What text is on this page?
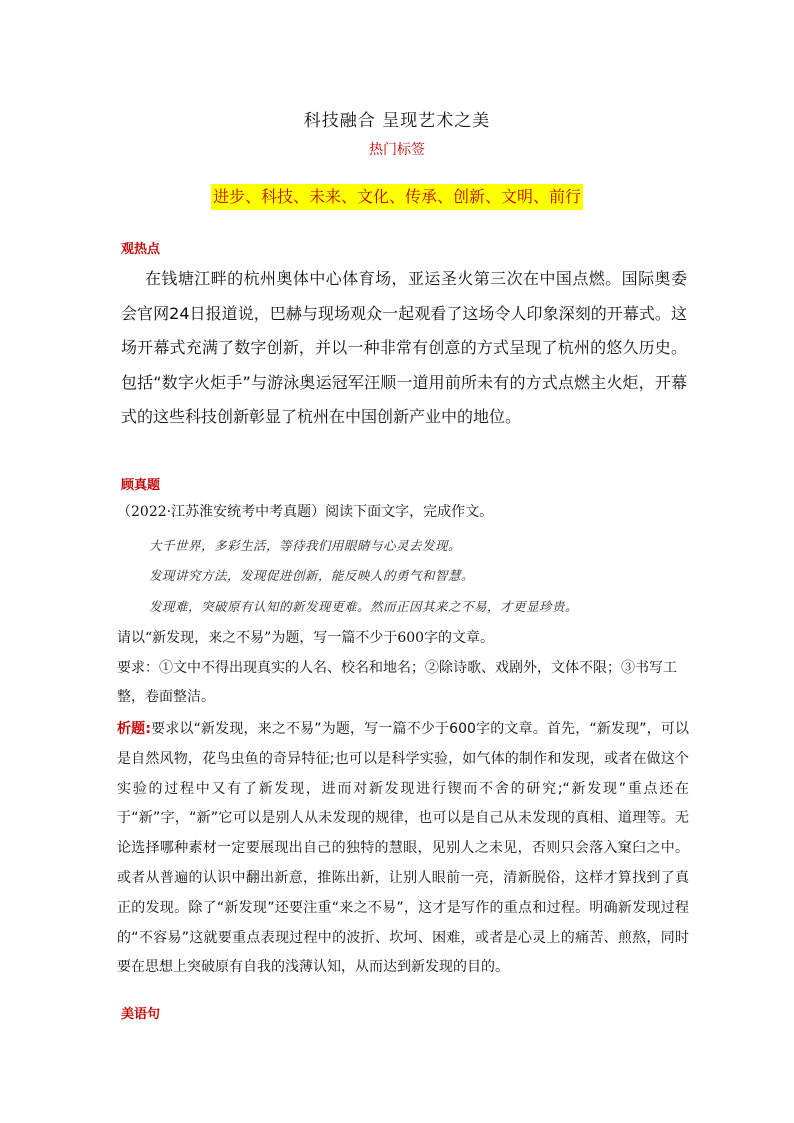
科技融合 呈现艺术之美
热门标签
进步、科技、未来、文化、传承、创新、文明、前行
观热点
在钱塘江畔的杭州奥体中心体育场，亚运圣火第三次在中国点燃。国际奥委会官网24日报道说，巴赫与现场观众一起观看了这场令人印象深刻的开幕式。这场开幕式充满了数字创新，并以一种非常有创意的方式呈现了杭州的悠久历史。包括“数字火炬手”与游泳奥运冠军汪顺一道用前所未有的方式点燃主火炬，开幕式的这些科技创新彰显了杭州在中国创新产业中的地位。
顾真题
（2022·江苏淮安统考中考真题）阅读下面文字，完成作文。
大千世界，多彩生活，等待我们用眼睛与心灵去发现。
发现讲究方法，发现促进创新，能反映人的勇气和智慧。
发现难，突破原有认知的新发现更难。然而正因其来之不易，才更显珍贵。
请以“新发现，来之不易”为题，写一篇不少于600字的文章。
要求：①文中不得出现真实的人名、校名和地名；②除诗歌、戏剧外，文体不限；③书写工整，卷面整洁。
析题:要求以“新发现，来之不易”为题，写一篇不少于600字的文章。首先，“新发现”，可以是自然风物，花鸟虫鱼的奇异特征;也可以是科学实验，如气体的制作和发现，或者在做这个实验的过程中又有了新发现，进而对新发现进行锲而不舍的研究;“新发现”重点还在于“新”字，“新”它可以是别人从未发现的规律，也可以是自己从未发现的真相、道理等。无论选择哪种素材一定要展现出自己的独特的慧眼，见别人之未见，否则只会落入窠臼之中。或者从普遍的认识中翻出新意，推陈出新，让别人眼前一亮，清新脱俗，这样才算找到了真正的发现。除了“新发现”还要注重“来之不易”，这才是写作的重点和过程。明确新发现过程的“不容易”这就要重点表现过程中的波折、坎坷、困难，或者是心灵上的痛苦、煎熬，同时要在思想上突破原有自我的浅薄认知，从而达到新发现的目的。
美语句
